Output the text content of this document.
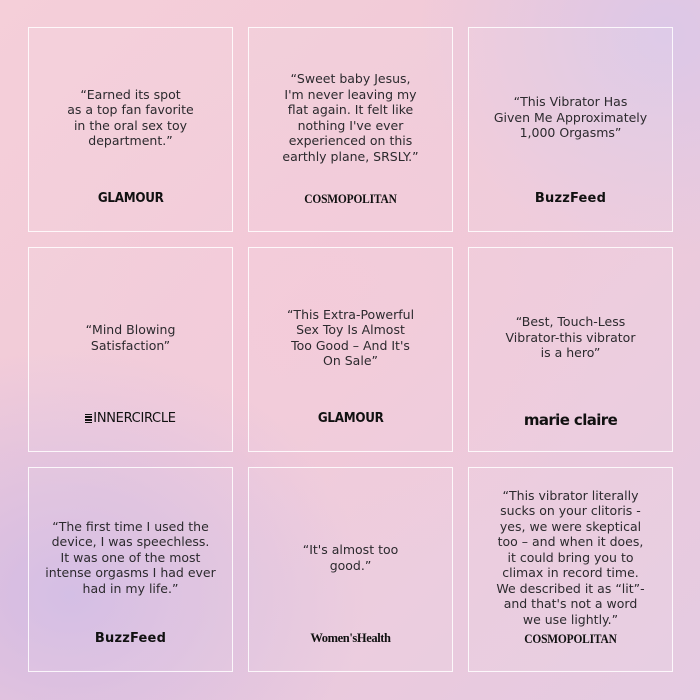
“Earned its spot
as a top fan favorite
in the oral sex toy
department.”

GLAMOUR

“Sweet baby Jesus,
I'm never leaving my
flat again. It felt like
nothing I've ever
experienced on this
earthly plane, SRSLY.”

COSMOPOLITAN

“This Vibrator Has
Given Me Approximately
1,000 Orgasms”

BuzzFeed

“Mind Blowing
Satisfaction”

INNERCIRCLE

“This Extra-Powerful
Sex Toy Is Almost
Too Good – And It's
On Sale”

GLAMOUR

“Best, Touch-Less
Vibrator-this vibrator
is a hero”

marie claire

“The first time I used the
device, I was speechless.
It was one of the most
intense orgasms I had ever
had in my life.”

BuzzFeed

“It's almost too
good.”

Women'sHealth

“This vibrator literally
sucks on your clitoris -
yes, we were skeptical
too – and when it does,
it could bring you to
climax in record time.
We described it as “lit”-
and that's not a word
we use lightly.”

COSMOPOLITAN
